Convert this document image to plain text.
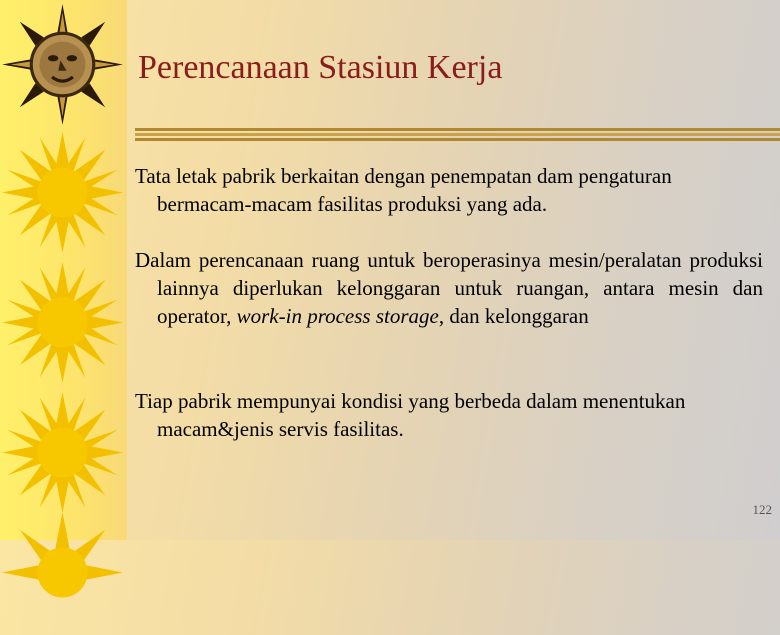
Perencanaan Stasiun Kerja
Tata letak pabrik berkaitan dengan penempatan dam pengaturan bermacam-macam fasilitas produksi yang ada.
Dalam perencanaan ruang untuk beroperasinya mesin/peralatan produksi lainnya diperlukan kelonggaran untuk ruangan, antara mesin dan operator, work-in process storage, dan kelonggaran
Tiap pabrik mempunyai kondisi yang berbeda dalam menentukan macam&jenis servis fasilitas.
122
